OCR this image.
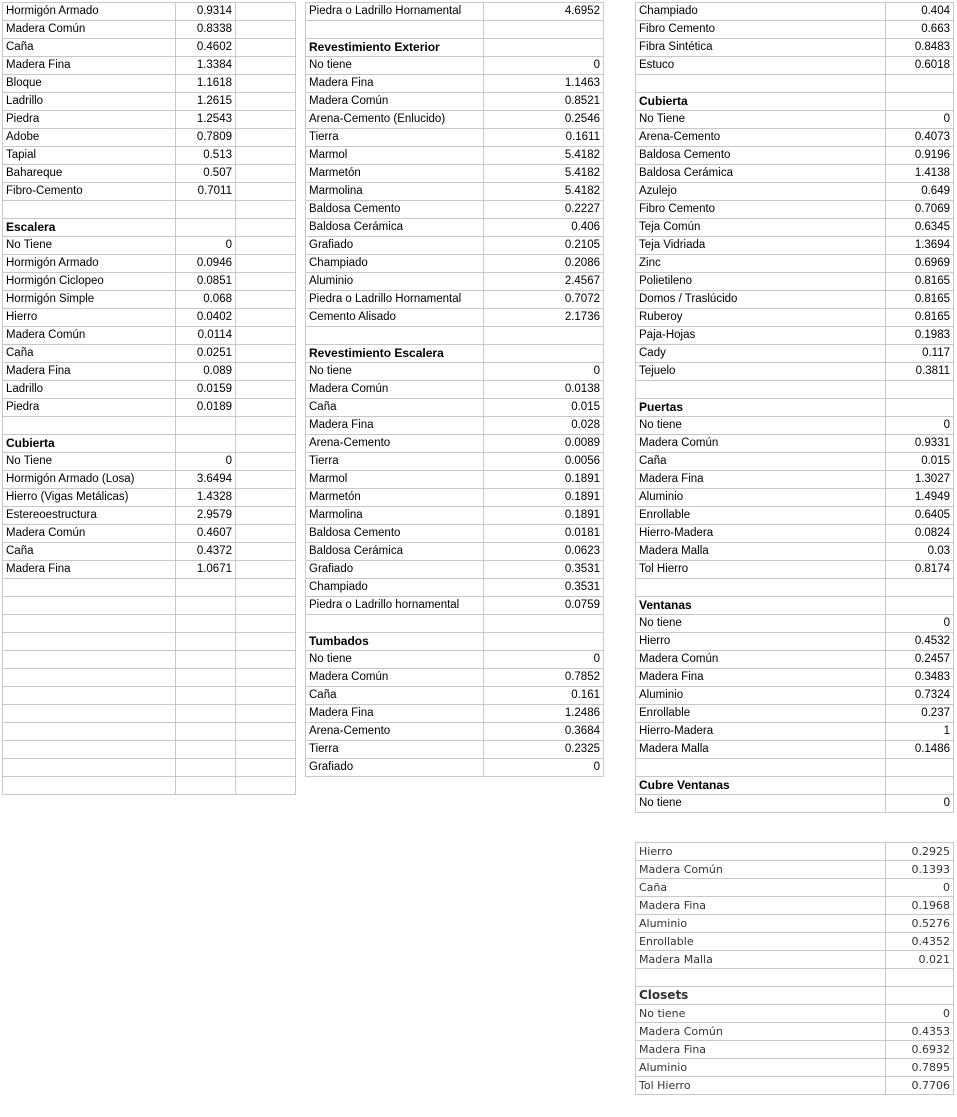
Hormigón Armado	0.9314	
Madera Común	0.8338	
Caña	0.4602	
Madera Fina	1.3384	
Bloque	1.1618	
Ladrillo	1.2615	
Piedra	1.2543	
Adobe	0.7809	
Tapial	0.513	
Bahareque	0.507	
Fibro-Cemento	0.7011	

Escalera		
No Tiene	0	
Hormigón Armado	0.0946	
Hormigón Ciclopeo	0.0851	
Hormigón Simple	0.068	
Hierro	0.0402	
Madera Común	0.0114	
Caña	0.0251	
Madera Fina	0.089	
Ladrillo	0.0159	
Piedra	0.0189	

Cubierta		
No Tiene	0	
Hormigón Armado (Losa)	3.6494	
Hierro (Vigas Metálicas)	1.4328	
Estereoestructura	2.9579	
Madera Común	0.4607	
Caña	0.4372	
Madera Fina	1.0671	

Piedra o Ladrillo Hornamental	4.6952

Revestimiento Exterior	
No tiene	0
Madera Fina	1.1463
Madera Común	0.8521
Arena-Cemento (Enlucido)	0.2546
Tierra	0.1611
Marmol	5.4182
Marmetón	5.4182
Marmolina	5.4182
Baldosa Cemento	0.2227
Baldosa Cerámica	0.406
Grafiado	0.2105
Champiado	0.2086
Aluminio	2.4567
Piedra o Ladrillo Hornamental	0.7072
Cemento Alisado	2.1736

Revestimiento Escalera	
No tiene	0
Madera Común	0.0138
Caña	0.015
Madera Fina	0.028
Arena-Cemento	0.0089
Tierra	0.0056
Marmol	0.1891
Marmetón	0.1891
Marmolina	0.1891
Baldosa Cemento	0.0181
Baldosa Cerámica	0.0623
Grafiado	0.3531
Champiado	0.3531
Piedra o Ladrillo hornamental	0.0759

Tumbados	
No tiene	0
Madera Común	0.7852
Caña	0.161
Madera Fina	1.2486
Arena-Cemento	0.3684
Tierra	0.2325
Grafiado	0
Champiado	0.404
Fibro Cemento	0.663
Fibra Sintética	0.8483
Estuco	0.6018

Cubierta	
No Tiene	0
Arena-Cemento	0.4073
Baldosa Cemento	0.9196
Baldosa Cerámica	1.4138
Azulejo	0.649
Fibro Cemento	0.7069
Teja Común	0.6345
Teja Vidriada	1.3694
Zinc	0.6969
Polietileno	0.8165
Domos / Traslúcido	0.8165
Ruberoy	0.8165
Paja-Hojas	0.1983
Cady	0.117
Tejuelo	0.3811

Puertas	
No tiene	0
Madera Común	0.9331
Caña	0.015
Madera Fina	1.3027
Aluminio	1.4949
Enrollable	0.6405
Hierro-Madera	0.0824
Madera Malla	0.03
Tol Hierro	0.8174

Ventanas	
No tiene	0
Hierro	0.4532
Madera Común	0.2457
Madera Fina	0.3483
Aluminio	0.7324
Enrollable	0.237
Hierro-Madera	1
Madera Malla	0.1486

Cubre Ventanas	
No tiene	0
Hierro	0.2925
Madera Común	0.1393
Caña	0
Madera Fina	0.1968
Aluminio	0.5276
Enrollable	0.4352
Madera Malla	0.021

Closets	
No tiene	0
Madera Común	0.4353
Madera Fina	0.6932
Aluminio	0.7895
Tol Hierro	0.7706
